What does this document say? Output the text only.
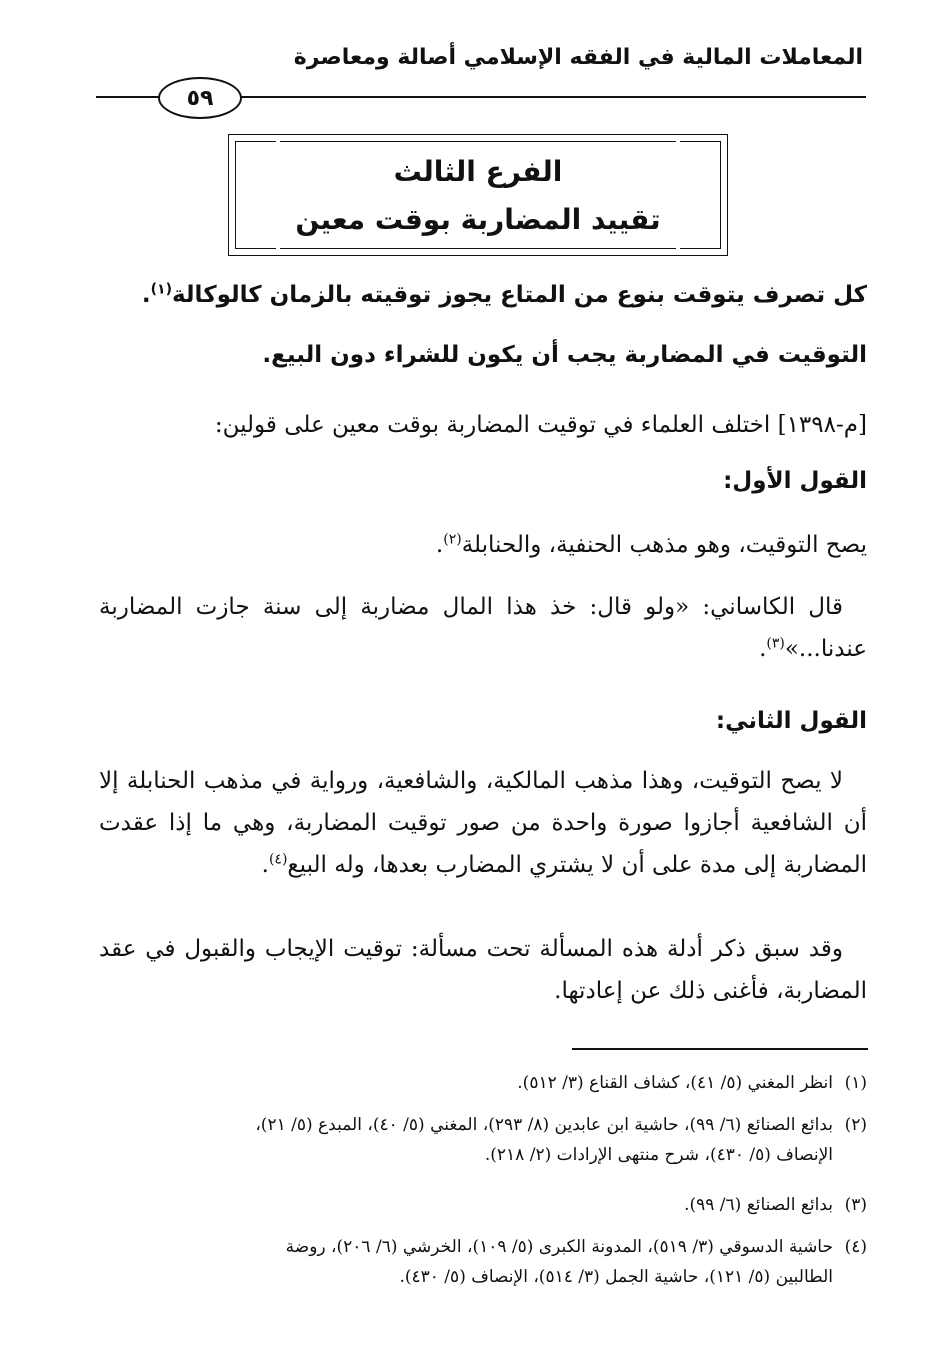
المعاملات المالية في الفقه الإسلامي أصالة ومعاصرة
٥٩
الفرع الثالث
تقييد المضاربة بوقت معين
كل تصرف يتوقت بنوع من المتاع يجوز توقيته بالزمان كالوكالة$^{(١)}$.
التوقيت في المضاربة يجب أن يكون للشراء دون البيع.
[م-١٣٩٨] اختلف العلماء في توقيت المضاربة بوقت معين على قولين:
القول الأول:
يصح التوقيت، وهو مذهب الحنفية، والحنابلة$^{(٢)}$.
قال الكاساني: «ولو قال: خذ هذا المال مضاربة إلى سنة جازت المضاربة عندنا...»$^{(٣)}$.
القول الثاني:
لا يصح التوقيت، وهذا مذهب المالكية، والشافعية، ورواية في مذهب الحنابلة إلا أن الشافعية أجازوا صورة واحدة من صور توقيت المضاربة، وهي ما إذا عقدت المضاربة إلى مدة على أن لا يشتري المضارب بعدها، وله البيع$^{(٤)}$.
وقد سبق ذكر أدلة هذه المسألة تحت مسألة: توقيت الإيجاب والقبول في عقد المضاربة، فأغنى ذلك عن إعادتها.
(١)انظر المغني (٥/ ٤١)، كشاف القناع (٣/ ٥١٢).
(٢)بدائع الصنائع (٦/ ٩٩)، حاشية ابن عابدين (٨/ ٢٩٣)، المغني (٥/ ٤٠)، المبدع (٥/ ٢١)،
الإنصاف (٥/ ٤٣٠)، شرح منتهى الإرادات (٢/ ٢١٨).
(٣)بدائع الصنائع (٦/ ٩٩).
(٤)حاشية الدسوقي (٣/ ٥١٩)، المدونة الكبرى (٥/ ١٠٩)، الخرشي (٦/ ٢٠٦)، روضة
الطالبين (٥/ ١٢١)، حاشية الجمل (٣/ ٥١٤)، الإنصاف (٥/ ٤٣٠).
